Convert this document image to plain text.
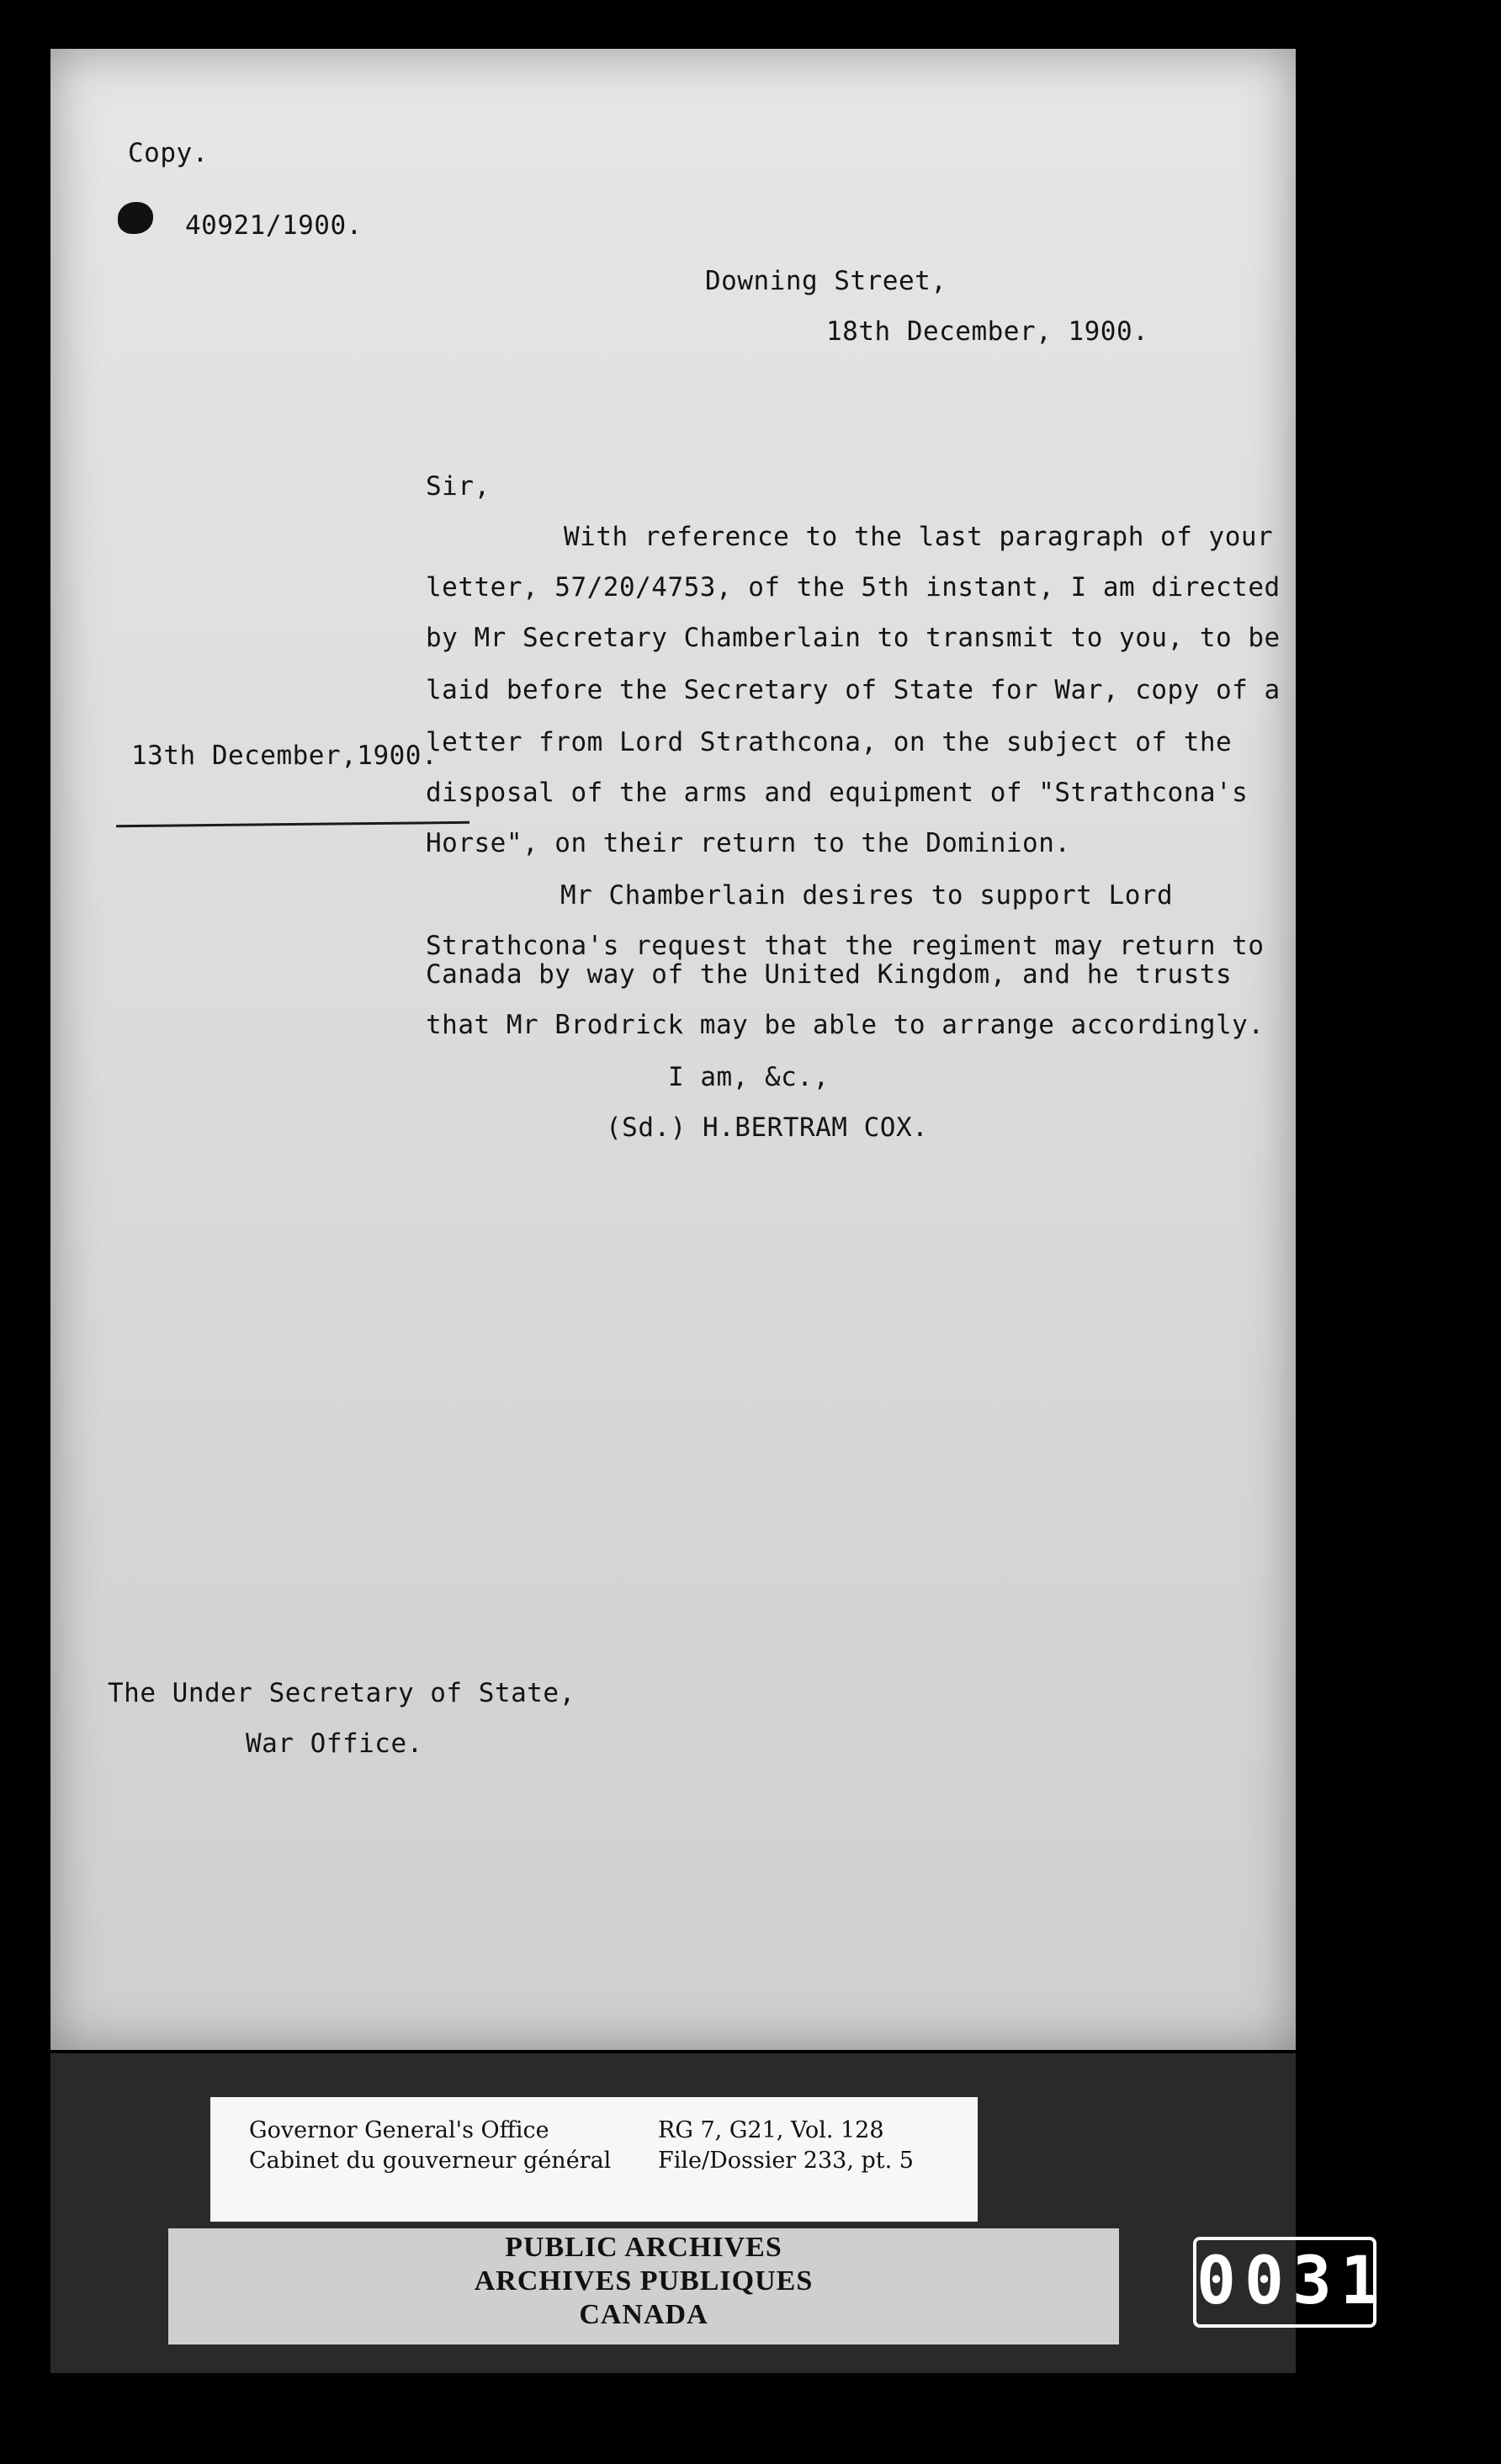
Copy.
40921/1900.
Downing Street,
18th December, 1900.
Sir,
With reference to the last paragraph of your
letter, 57/20/4753, of the 5th instant, I am directed
by Mr Secretary Chamberlain to transmit to you, to be
laid before the Secretary of State for War, copy of a
13th December,1900.
letter from Lord Strathcona, on the subject of the
disposal of the arms and equipment of "Strathcona's
Horse", on their return to the Dominion.
Mr Chamberlain desires to support Lord
Strathcona's request that the regiment may return to
Canada by way of the United Kingdom, and he trusts
that Mr Brodrick may be able to arrange accordingly.
I am, &c.,
(Sd.) H.BERTRAM COX.
The Under Secretary of State,
War Office.
Governor General's Office
Cabinet du gouverneur général
RG 7, G21, Vol. 128
File/Dossier 233, pt. 5
PUBLIC ARCHIVES
ARCHIVES PUBLIQUES
CANADA	0031
